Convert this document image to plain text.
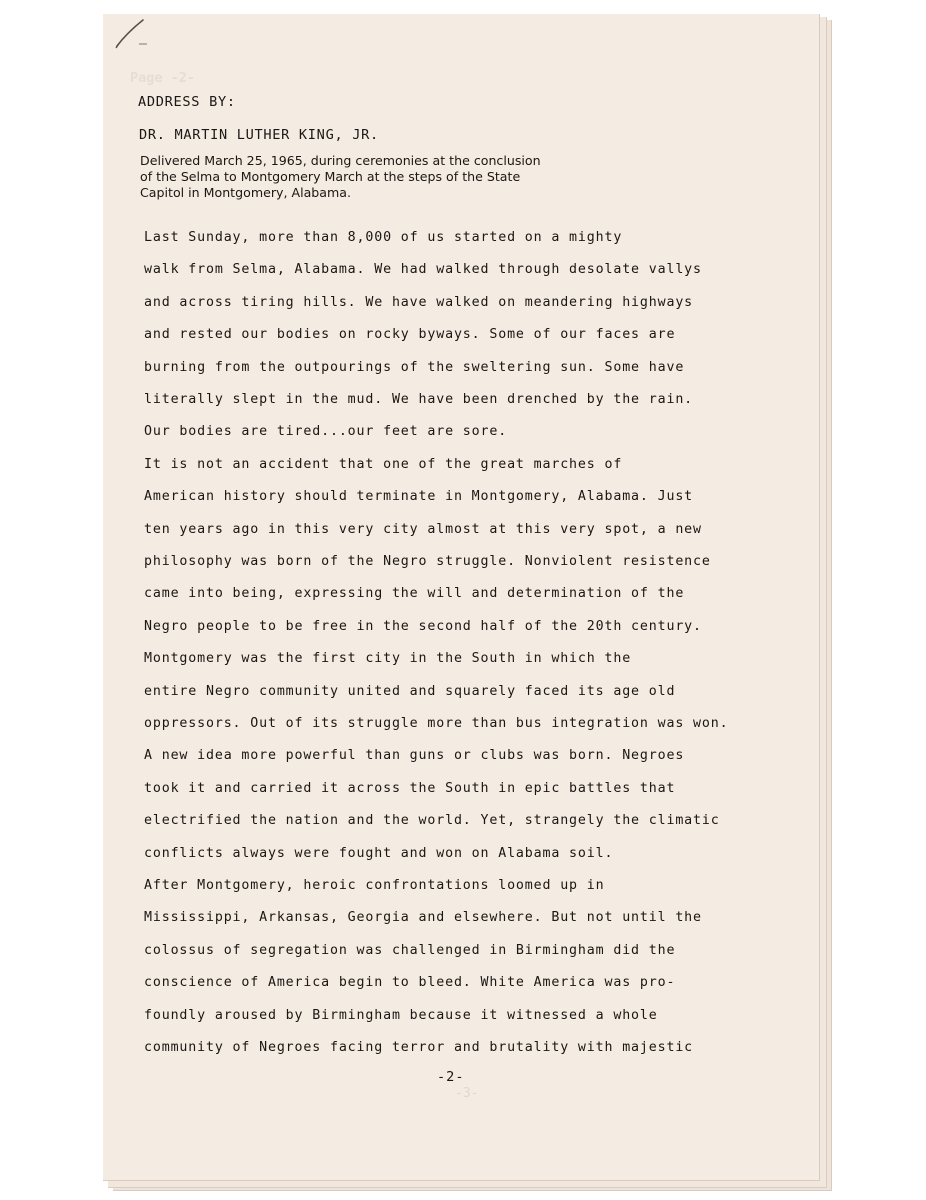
Page -2-

-3-
ADDRESS BY:
DR. MARTIN LUTHER KING, JR.
Delivered March 25, 1965, during ceremonies at the conclusion
of the Selma to Montgomery March at the steps of the State
Capitol in Montgomery, Alabama.
Last Sunday, more than 8,000 of us started on a mighty
walk from Selma, Alabama. We had walked through desolate vallys
and across tiring hills. We have walked on meandering highways
and rested our bodies on rocky byways. Some of our faces are
burning from the outpourings of the sweltering sun. Some have
literally slept in the mud. We have been drenched by the rain.
Our bodies are tired...our feet are sore.
It is not an accident that one of the great marches of
American history should terminate in Montgomery, Alabama. Just
ten years ago in this very city almost at this very spot, a new
philosophy was born of the Negro struggle. Nonviolent resistence
came into being, expressing the will and determination of the
Negro people to be free in the second half of the 20th century.
Montgomery was the first city in the South in which the
entire Negro community united and squarely faced its age old
oppressors. Out of its struggle more than bus integration was won.
A new idea more powerful than guns or clubs was born. Negroes
took it and carried it across the South in epic battles that
electrified the nation and the world. Yet, strangely the climatic
conflicts always were fought and won on Alabama soil.
After Montgomery, heroic confrontations loomed up in
Mississippi, Arkansas, Georgia and elsewhere. But not until the
colossus of segregation was challenged in Birmingham did the
conscience of America begin to bleed. White America was pro-
foundly aroused by Birmingham because it witnessed a whole
community of Negroes facing terror and brutality with majestic
-2-
